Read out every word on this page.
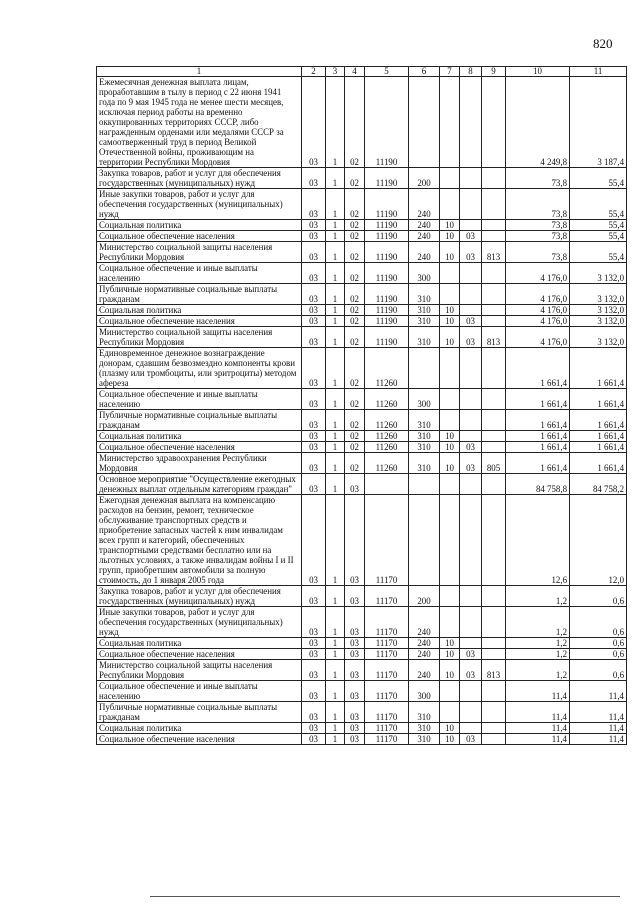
820
1	2	3	4	5	6	7	8	9	10	11
Ежемесячная денежная выплата лицам, проработавшим в тылу в период с 22 июня 1941 года по 9 мая 1945 года не менее шести месяцев, исключая период работы на временно оккупированных территориях СССР, либо награжденным орденами или медалями СССР за самоотверженный труд в период Великой Отечественной войны, проживающим на территории Республики Мордовия	03	1	02	11190					4 249,8	3 187,4
Закупка товаров, работ и услуг для обеспечения государственных (муниципальных) нужд	03	1	02	11190	200				73,8	55,4
Иные закупки товаров, работ и услуг для обеспечения государственных (муниципальных) нужд	03	1	02	11190	240				73,8	55,4
Социальная политика	03	1	02	11190	240	10			73,8	55,4
Социальное обеспечение населения	03	1	02	11190	240	10	03		73,8	55,4
Министерство социальной защиты населения Республики Мордовия	03	1	02	11190	240	10	03	813	73,8	55,4
Социальное обеспечение и иные выплаты населению	03	1	02	11190	300				4 176,0	3 132,0
Публичные нормативные социальные выплаты гражданам	03	1	02	11190	310				4 176,0	3 132,0
Социальная политика	03	1	02	11190	310	10			4 176,0	3 132,0
Социальное обеспечение населения	03	1	02	11190	310	10	03		4 176,0	3 132,0
Министерство социальной защиты населения Республики Мордовия	03	1	02	11190	310	10	03	813	4 176,0	3 132,0
Единовременное денежное вознаграждение донорам, сдавшим безвозмездно компоненты крови (плазму или тромбоциты, или эритроциты) методом афереза	03	1	02	11260					1 661,4	1 661,4
Социальное обеспечение и иные выплаты населению	03	1	02	11260	300				1 661,4	1 661,4
Публичные нормативные социальные выплаты гражданам	03	1	02	11260	310				1 661,4	1 661,4
Социальная политика	03	1	02	11260	310	10			1 661,4	1 661,4
Социальное обеспечение населения	03	1	02	11260	310	10	03		1 661,4	1 661,4
Министерство здравоохранения Республики Мордовия	03	1	02	11260	310	10	03	805	1 661,4	1 661,4
Основное мероприятие "Осуществление ежегодных денежных выплат отдельным категориям граждан"	03	1	03						84 758,8	84 758,2
Ежегодная денежная выплата на компенсацию расходов на бензин, ремонт, техническое обслуживание транспортных средств и приобретение запасных частей к ним инвалидам всех групп и категорий, обеспеченных транспортными средствами бесплатно или на льготных условиях, а также инвалидам войны I и II групп, приобретшим автомобили за полную стоимость, до 1 января 2005 года	03	1	03	11170					12,6	12,0
Закупка товаров, работ и услуг для обеспечения государственных (муниципальных) нужд	03	1	03	11170	200				1,2	0,6
Иные закупки товаров, работ и услуг для обеспечения государственных (муниципальных) нужд	03	1	03	11170	240				1,2	0,6
Социальная политика	03	1	03	11170	240	10			1,2	0,6
Социальное обеспечение населения	03	1	03	11170	240	10	03		1,2	0,6
Министерство социальной защиты населения Республики Мордовия	03	1	03	11170	240	10	03	813	1,2	0,6
Социальное обеспечение и иные выплаты населению	03	1	03	11170	300				11,4	11,4
Публичные нормативные социальные выплаты гражданам	03	1	03	11170	310				11,4	11,4
Социальная политика	03	1	03	11170	310	10			11,4	11,4
Социальное обеспечение населения	03	1	03	11170	310	10	03		11,4	11,4
